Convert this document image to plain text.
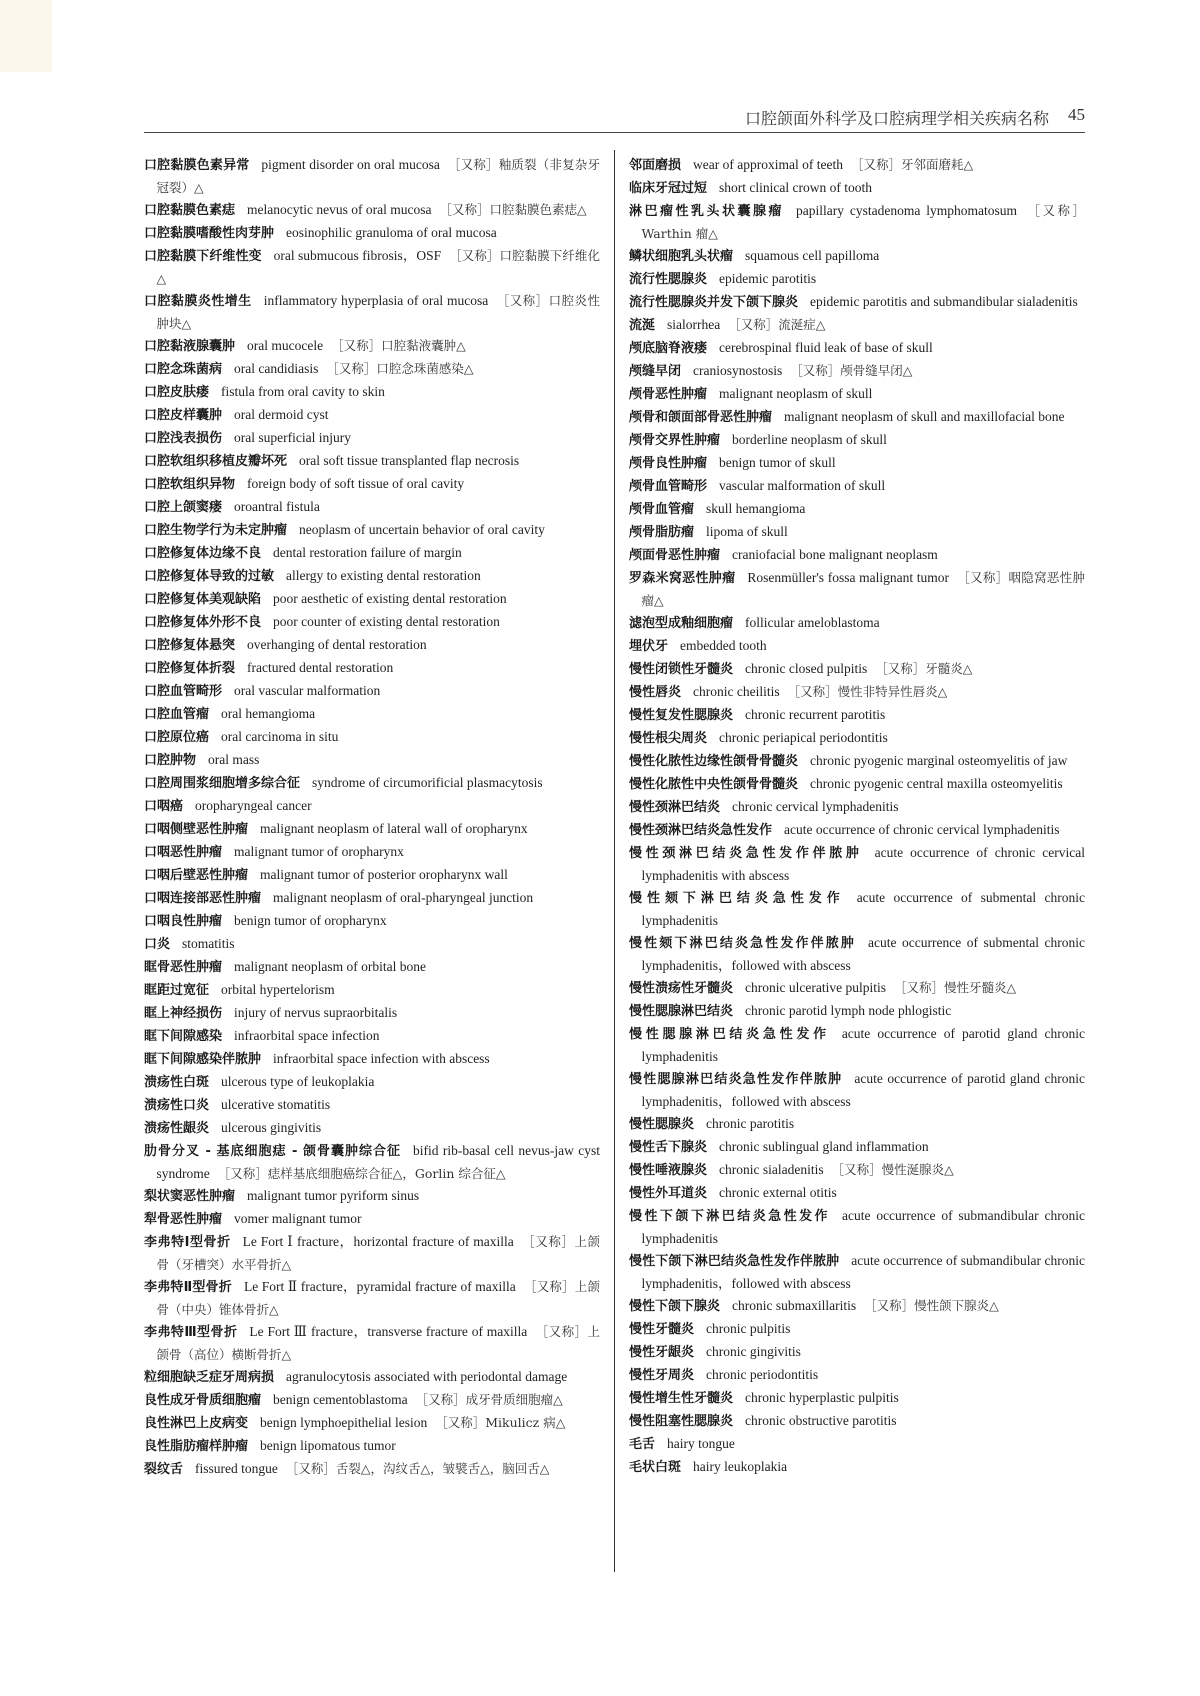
口腔颌面外科学及口腔病理学相关疾病名称 45
口腔黏膜色素异常 pigment disorder on oral mucosa ［又称］釉质裂（非复杂牙冠裂）△
口腔黏膜色素痣 melanocytic nevus of oral mucosa ［又称］口腔黏膜色素痣△
口腔黏膜嗜酸性肉芽肿 eosinophilic granuloma of oral mucosa
口腔黏膜下纤维性变 oral submucous fibrosis，OSF ［又称］口腔黏膜下纤维化△
口腔黏膜炎性增生 inflammatory hyperplasia of oral mucosa ［又称］口腔炎性肿块△
口腔黏液腺囊肿 oral mucocele ［又称］口腔黏液囊肿△
口腔念珠菌病 oral candidiasis ［又称］口腔念珠菌感染△
口腔皮肤瘘 fistula from oral cavity to skin
口腔皮样囊肿 oral dermoid cyst
口腔浅表损伤 oral superficial injury
口腔软组织移植皮瓣坏死 oral soft tissue transplanted flap necrosis
口腔软组织异物 foreign body of soft tissue of oral cavity
口腔上颌窦瘘 oroantral fistula
口腔生物学行为未定肿瘤 neoplasm of uncertain behavior of oral cavity
口腔修复体边缘不良 dental restoration failure of margin
口腔修复体导致的过敏 allergy to existing dental restoration
口腔修复体美观缺陷 poor aesthetic of existing dental restoration
口腔修复体外形不良 poor counter of existing dental restoration
口腔修复体悬突 overhanging of dental restoration
口腔修复体折裂 fractured dental restoration
口腔血管畸形 oral vascular malformation
口腔血管瘤 oral hemangioma
口腔原位癌 oral carcinoma in situ
口腔肿物 oral mass
口腔周围浆细胞增多综合征 syndrome of circumorificial plasmacytosis
口咽癌 oropharyngeal cancer
口咽侧壁恶性肿瘤 malignant neoplasm of lateral wall of oropharynx
口咽恶性肿瘤 malignant tumor of oropharynx
口咽后壁恶性肿瘤 malignant tumor of posterior oropharynx wall
口咽连接部恶性肿瘤 malignant neoplasm of oral-pharyngeal junction
口咽良性肿瘤 benign tumor of oropharynx
口炎 stomatitis
眶骨恶性肿瘤 malignant neoplasm of orbital bone
眶距过宽征 orbital hypertelorism
眶上神经损伤 injury of nervus supraorbitalis
眶下间隙感染 infraorbital space infection
眶下间隙感染伴脓肿 infraorbital space infection with abscess
溃疡性白斑 ulcerous type of leukoplakia
溃疡性口炎 ulcerative stomatitis
溃疡性龈炎 ulcerous gingivitis
肋骨分叉 - 基底细胞痣 - 颌骨囊肿综合征 bifid rib-basal cell nevus-jaw cyst syndrome ［又称］痣样基底细胞癌综合征△，Gorlin 综合征△
梨状窦恶性肿瘤 malignant tumor pyriform sinus
犁骨恶性肿瘤 vomer malignant tumor
李弗特Ⅰ型骨折 Le Fort Ⅰ fracture，horizontal fracture of maxilla ［又称］上颌骨（牙槽突）水平骨折△
李弗特Ⅱ型骨折 Le Fort Ⅱ fracture，pyramidal fracture of maxilla ［又称］上颌骨（中央）锥体骨折△
李弗特Ⅲ型骨折 Le Fort Ⅲ fracture，transverse fracture of maxilla ［又称］上颌骨（高位）横断骨折△
粒细胞缺乏症牙周病损 agranulocytosis associated with periodontal damage
良性成牙骨质细胞瘤 benign cementoblastoma ［又称］成牙骨质细胞瘤△
良性淋巴上皮病变 benign lymphoepithelial lesion ［又称］Mikulicz 病△
良性脂肪瘤样肿瘤 benign lipomatous tumor
裂纹舌 fissured tongue ［又称］舌裂△，沟纹舌△，皱襞舌△，脑回舌△
邻面磨损 wear of approximal of teeth ［又称］牙邻面磨耗△
临床牙冠过短 short clinical crown of tooth
淋巴瘤性乳头状囊腺瘤 papillary cystadenoma lymphomatosum ［又称］Warthin 瘤△
鳞状细胞乳头状瘤 squamous cell papilloma
流行性腮腺炎 epidemic parotitis
流行性腮腺炎并发下颌下腺炎 epidemic parotitis and submandibular sialadenitis
流涎 sialorrhea ［又称］流涎症△
颅底脑脊液瘘 cerebrospinal fluid leak of base of skull
颅缝早闭 craniosynostosis ［又称］颅骨缝早闭△
颅骨恶性肿瘤 malignant neoplasm of skull
颅骨和颌面部骨恶性肿瘤 malignant neoplasm of skull and maxillofacial bone
颅骨交界性肿瘤 borderline neoplasm of skull
颅骨良性肿瘤 benign tumor of skull
颅骨血管畸形 vascular malformation of skull
颅骨血管瘤 skull hemangioma
颅骨脂肪瘤 lipoma of skull
颅面骨恶性肿瘤 craniofacial bone malignant neoplasm
罗森米窝恶性肿瘤 Rosenmüller's fossa malignant tumor ［又称］咽隐窝恶性肿瘤△
滤泡型成釉细胞瘤 follicular ameloblastoma
埋伏牙 embedded tooth
慢性闭锁性牙髓炎 chronic closed pulpitis ［又称］牙髓炎△
慢性唇炎 chronic cheilitis ［又称］慢性非特异性唇炎△
慢性复发性腮腺炎 chronic recurrent parotitis
慢性根尖周炎 chronic periapical periodontitis
慢性化脓性边缘性颌骨骨髓炎 chronic pyogenic marginal osteomyelitis of jaw
慢性化脓性中央性颌骨骨髓炎 chronic pyogenic central maxilla osteomyelitis
慢性颈淋巴结炎 chronic cervical lymphadenitis
慢性颈淋巴结炎急性发作 acute occurrence of chronic cervical lymphadenitis
慢性颈淋巴结炎急性发作伴脓肿 acute occurrence of chronic cervical lymphadenitis with abscess
慢性颏下淋巴结炎急性发作 acute occurrence of submental chronic lymphadenitis
慢性颏下淋巴结炎急性发作伴脓肿 acute occurrence of submental chronic lymphadenitis，followed with abscess
慢性溃疡性牙髓炎 chronic ulcerative pulpitis ［又称］慢性牙髓炎△
慢性腮腺淋巴结炎 chronic parotid lymph node phlogistic
慢性腮腺淋巴结炎急性发作 acute occurrence of parotid gland chronic lymphadenitis
慢性腮腺淋巴结炎急性发作伴脓肿 acute occurrence of parotid gland chronic lymphadenitis，followed with abscess
慢性腮腺炎 chronic parotitis
慢性舌下腺炎 chronic sublingual gland inflammation
慢性唾液腺炎 chronic sialadenitis ［又称］慢性涎腺炎△
慢性外耳道炎 chronic external otitis
慢性下颌下淋巴结炎急性发作 acute occurrence of submandibular chronic lymphadenitis
慢性下颌下淋巴结炎急性发作伴脓肿 acute occurrence of submandibular chronic lymphadenitis，followed with abscess
慢性下颌下腺炎 chronic submaxillaritis ［又称］慢性颌下腺炎△
慢性牙髓炎 chronic pulpitis
慢性牙龈炎 chronic gingivitis
慢性牙周炎 chronic periodontitis
慢性增生性牙髓炎 chronic hyperplastic pulpitis
慢性阻塞性腮腺炎 chronic obstructive parotitis
毛舌 hairy tongue
毛状白斑 hairy leukoplakia
